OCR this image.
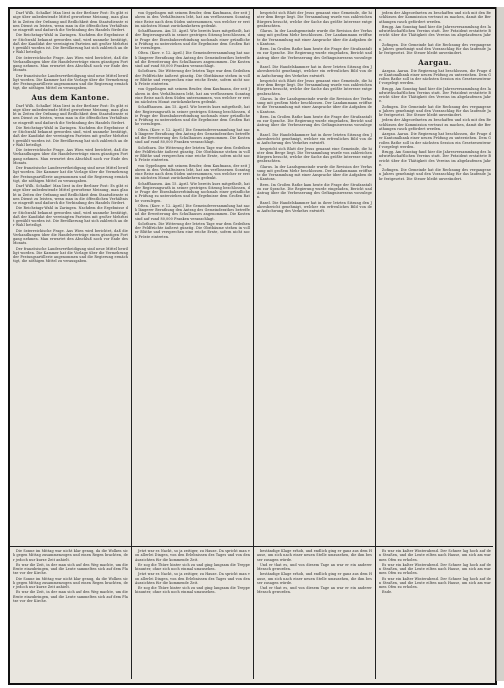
Darf Wilh. Schalke! Man liest in der Berliner Post: Es gibt einige über unbedeutende Mittel geworbene Meinung, man glaubt in Zeiten der Ordnung und Redlichkeit dem Staatsdienste einen Dienst zu leisten, wenn man in die öffentlichen Verhältnisse eingreift und dadurch die Verbindung des Handels fördert.
Die Reichstags-Wahl in Zaringen. Nachdem die Ergebnisse der Stichwahl bekannt geworden sind, wird nunmehr bestätigt, daß der Kandidat der vereinigten Parteien mit großer Mehrheit gewählt worden ist. Die Bevölkerung hat sich zahlreich an der Wahl beteiligt.
Die österreichische Frage. Aus Wien wird berichtet, daß die Verhandlungen über die Handelsverträge einen günstigen Fortgang nehmen. Man erwartet den Abschluß noch vor Ende des Monats.
Der französische Landesvertheidigung sind neue Mittel bewilligt worden. Die Kammer hat die Vorlage über die Vermehrung der Festungsartillerie angenommen und die Regierung ermächtigt, die nöthigen Mittel zu verausgaben.
Aus dem Kantone.
Darf Wilh. Schalke! Man liest in der Berliner Post: Es gibt einige über unbedeutende Mittel geworbene Meinung, man glaubt in Zeiten der Ordnung und Redlichkeit dem Staatsdienste einen Dienst zu leisten, wenn man in die öffentlichen Verhältnisse eingreift und dadurch die Verbindung des Handels fördert.
Die Reichstags-Wahl in Zaringen. Nachdem die Ergebnisse der Stichwahl bekannt geworden sind, wird nunmehr bestätigt, daß der Kandidat der vereinigten Parteien mit großer Mehrheit gewählt worden ist. Die Bevölkerung hat sich zahlreich an der Wahl beteiligt.
Die österreichische Frage. Aus Wien wird berichtet, daß die Verhandlungen über die Handelsverträge einen günstigen Fortgang nehmen. Man erwartet den Abschluß noch vor Ende des Monats.
Der französische Landesvertheidigung sind neue Mittel bewilligt worden. Die Kammer hat die Vorlage über die Vermehrung der Festungsartillerie angenommen und die Regierung ermächtigt, die nöthigen Mittel zu verausgaben.
Darf Wilh. Schalke! Man liest in der Berliner Post: Es gibt einige über unbedeutende Mittel geworbene Meinung, man glaubt in Zeiten der Ordnung und Redlichkeit dem Staatsdienste einen Dienst zu leisten, wenn man in die öffentlichen Verhältnisse eingreift und dadurch die Verbindung des Handels fördert.
Die Reichstags-Wahl in Zaringen. Nachdem die Ergebnisse der Stichwahl bekannt geworden sind, wird nunmehr bestätigt, daß der Kandidat der vereinigten Parteien mit großer Mehrheit gewählt worden ist. Die Bevölkerung hat sich zahlreich an der Wahl beteiligt.
Die österreichische Frage. Aus Wien wird berichtet, daß die Verhandlungen über die Handelsverträge einen günstigen Fortgang nehmen. Man erwartet den Abschluß noch vor Ende des Monats.
Der französische Landesvertheidigung sind neue Mittel bewilligt worden. Die Kammer hat die Vorlage über die Vermehrung der Festungsartillerie angenommen und die Regierung ermächtigt, die nöthigen Mittel zu verausgaben.
von Oppelingen mit seinem Bruder, dem Kaufmann, der seit Jahren in den Verhältnissen lebt, hat am verflossenen Sonntag eine Reise nach dem Süden unternommen, von welcher er erst im nächsten Monat zurückzukehren gedenkt.
Schaffhausen. Am 15. April. Wie bereits kurz mitgetheilt, hat der Regierungsrath in seiner gestrigen Sitzung beschlossen, die Frage der Eisenbahnverbindung nochmals einer gründlichen Prüfung zu unterziehen und die Ergebnisse dem Großen Rathe vorzulegen.
Olten. (Korr. v. 12. April.) Die Gemeindeversammlung hat nach längerer Berathung den Antrag des Gemeinderathes betreffend die Erweiterung des Schulhauses angenommen. Die Kosten sind auf rund 80,000 Franken veranschlagt.
Solothurn. Die Witterung der letzten Tage war dem Gedeihen der Feldfrüchte äußerst günstig. Die Obstbäume stehen in voller Blüthe und versprechen eine reiche Ernte, sofern nicht noch Fröste eintreten.
von Oppelingen mit seinem Bruder, dem Kaufmann, der seit Jahren in den Verhältnissen lebt, hat am verflossenen Sonntag eine Reise nach dem Süden unternommen, von welcher er erst im nächsten Monat zurückzukehren gedenkt.
Schaffhausen. Am 15. April. Wie bereits kurz mitgetheilt, hat der Regierungsrath in seiner gestrigen Sitzung beschlossen, die Frage der Eisenbahnverbindung nochmals einer gründlichen Prüfung zu unterziehen und die Ergebnisse dem Großen Rathe vorzulegen.
Olten. (Korr. v. 12. April.) Die Gemeindeversammlung hat nach längerer Berathung den Antrag des Gemeinderathes betreffend die Erweiterung des Schulhauses angenommen. Die Kosten sind auf rund 80,000 Franken veranschlagt.
Solothurn. Die Witterung der letzten Tage war dem Gedeihen der Feldfrüchte äußerst günstig. Die Obstbäume stehen in voller Blüthe und versprechen eine reiche Ernte, sofern nicht noch Fröste eintreten.
von Oppelingen mit seinem Bruder, dem Kaufmann, der seit Jahren in den Verhältnissen lebt, hat am verflossenen Sonntag eine Reise nach dem Süden unternommen, von welcher er erst im nächsten Monat zurückzukehren gedenkt.
Schaffhausen. Am 15. April. Wie bereits kurz mitgetheilt, hat der Regierungsrath in seiner gestrigen Sitzung beschlossen, die Frage der Eisenbahnverbindung nochmals einer gründlichen Prüfung zu unterziehen und die Ergebnisse dem Großen Rathe vorzulegen.
Olten. (Korr. v. 12. April.) Die Gemeindeversammlung hat nach längerer Berathung den Antrag des Gemeinderathes betreffend die Erweiterung des Schulhauses angenommen. Die Kosten sind auf rund 80,000 Franken veranschlagt.
Solothurn. Die Witterung der letzten Tage war dem Gedeihen der Feldfrüchte äußerst günstig. Die Obstbäume stehen in voller Blüthe und versprechen eine reiche Ernte, sofern nicht noch Fröste eintreten.
bespricht sich Blatt der Jesus genannt eine Gemeinde, die hinter dem Berge liegt. Die Versammlung wurde von zahlreichen Bürgern besucht, welche der Sache das größte Interesse entgegenbrachten.
Glarus. In der Landsgemeinde wurde die Revision der Verfassung mit großem Mehr beschlossen. Der Landammann eröffnete die Versammlung mit einer Ansprache über die Aufgaben des Kantons.
Bern. Im Großen Rathe kam heute die Frage der Strafanstalten zur Sprache. Die Regierung wurde eingeladen, Bericht und Antrag über die Verbesserung des Gefängniswesens vorzulegen.
Basel. Die Handelskammer hat in ihrer letzten Sitzung den Jahresbericht genehmigt, welcher ein erfreuliches Bild von dem Aufschwung des Verkehrs entwirft.
bespricht sich Blatt der Jesus genannt eine Gemeinde, die hinter dem Berge liegt. Die Versammlung wurde von zahlreichen Bürgern besucht, welche der Sache das größte Interesse entgegenbrachten.
Glarus. In der Landsgemeinde wurde die Revision der Verfassung mit großem Mehr beschlossen. Der Landammann eröffnete die Versammlung mit einer Ansprache über die Aufgaben des Kantons.
Bern. Im Großen Rathe kam heute die Frage der Strafanstalten zur Sprache. Die Regierung wurde eingeladen, Bericht und Antrag über die Verbesserung des Gefängniswesens vorzulegen.
Basel. Die Handelskammer hat in ihrer letzten Sitzung den Jahresbericht genehmigt, welcher ein erfreuliches Bild von dem Aufschwung des Verkehrs entwirft.
bespricht sich Blatt der Jesus genannt eine Gemeinde, die hinter dem Berge liegt. Die Versammlung wurde von zahlreichen Bürgern besucht, welche der Sache das größte Interesse entgegenbrachten.
Glarus. In der Landsgemeinde wurde die Revision der Verfassung mit großem Mehr beschlossen. Der Landammann eröffnete die Versammlung mit einer Ansprache über die Aufgaben des Kantons.
Bern. Im Großen Rathe kam heute die Frage der Strafanstalten zur Sprache. Die Regierung wurde eingeladen, Bericht und Antrag über die Verbesserung des Gefängniswesens vorzulegen.
Basel. Die Handelskammer hat in ihrer letzten Sitzung den Jahresbericht genehmigt, welcher ein erfreuliches Bild von dem Aufschwung des Verkehrs entwirft.
jedem der Abgeordneten zu beschaffen und sich mit den Beschlüssen der Kommission vertraut zu machen, damit die Berathungen rasch gefördert werden.
Brugg. Am Sonntag fand hier die Jahresversammlung des landwirthschaftlichen Vereins statt. Der Präsident erstattete Bericht über die Thätigkeit des Vereins im abgelaufenen Jahre.
Zofingen. Die Gemeinde hat die Rechnung des vergangenen Jahres genehmigt und den Voranschlag für das laufende Jahr festgesetzt. Die Steuer bleibt unverändert.
Aargau.
Aargau. Aarau. Die Regierung hat beschlossen, die Frage der Kantonalbank einer neuen Prüfung zu unterziehen. Dem Großen Rathe soll in der nächsten Session ein Gesetzesentwurf vorgelegt werden.
Brugg. Am Sonntag fand hier die Jahresversammlung des landwirthschaftlichen Vereins statt. Der Präsident erstattete Bericht über die Thätigkeit des Vereins im abgelaufenen Jahre.
Zofingen. Die Gemeinde hat die Rechnung des vergangenen Jahres genehmigt und den Voranschlag für das laufende Jahr festgesetzt. Die Steuer bleibt unverändert.
jedem der Abgeordneten zu beschaffen und sich mit den Beschlüssen der Kommission vertraut zu machen, damit die Berathungen rasch gefördert werden.
Aargau. Aarau. Die Regierung hat beschlossen, die Frage der Kantonalbank einer neuen Prüfung zu unterziehen. Dem Großen Rathe soll in der nächsten Session ein Gesetzesentwurf vorgelegt werden.
Brugg. Am Sonntag fand hier die Jahresversammlung des landwirthschaftlichen Vereins statt. Der Präsident erstattete Bericht über die Thätigkeit des Vereins im abgelaufenen Jahre.
Zofingen. Die Gemeinde hat die Rechnung des vergangenen Jahres genehmigt und den Voranschlag für das laufende Jahr festgesetzt. Die Steuer bleibt unverändert.
Die Sonne im Mittag war nicht klar genug, da die Wolken sich gegen Mittag zusammenzogen und einen Regen brachten, der jedoch nur kurze Zeit anhielt.
Es war die Zeit, in der man sich auf den Weg machte, um die Ernte einzubringen, und die Leute sammelten sich auf dem Platze vor der Kirche.
Die Sonne im Mittag war nicht klar genug, da die Wolken sich gegen Mittag zusammenzogen und einen Regen brachten, der jedoch nur kurze Zeit anhielt.
Es war die Zeit, in der man sich auf den Weg machte, um die Ernte einzubringen, und die Leute sammelten sich auf dem Platze vor der Kirche.
Jetzt war es Nacht, so ja zeitiger, zu Hause. Da spricht man von allerlei Dingen, von den Erlebnissen des Tages und von den Aussichten für die kommende Zeit.
Er zog die Thüre hinter sich zu und ging langsam die Treppe hinunter, ohne sich noch einmal umzusehen.
Jetzt war es Nacht, so ja zeitiger, zu Hause. Da spricht man von allerlei Dingen, von den Erlebnissen des Tages und von den Aussichten für die kommende Zeit.
Er zog die Thüre hinter sich zu und ging langsam die Treppe hinunter, ohne sich noch einmal umzusehen.
beständige Klage erhob, und endlich ging er ganz aus dem Hause, um sich nach einer neuen Stelle umzusehen, die ihm besser zusagen würde.
Und er that es, und von diesem Tage an war er ein anderer Mensch geworden.
beständige Klage erhob, und endlich ging er ganz aus dem Hause, um sich nach einer neuen Stelle umzusehen, die ihm besser zusagen würde.
Und er that es, und von diesem Tage an war er ein anderer Mensch geworden.
Es war ein kalter Winterabend. Der Schnee lag hoch auf den Straßen, und die Leute eilten nach Hause, um sich am warmen Ofen zu erholen.
Es war ein kalter Winterabend. Der Schnee lag hoch auf den Straßen, und die Leute eilten nach Hause, um sich am warmen Ofen zu erholen.
Es war ein kalter Winterabend. Der Schnee lag hoch auf den Straßen, und die Leute eilten nach Hause, um sich am warmen Ofen zu erholen.
Ende.
